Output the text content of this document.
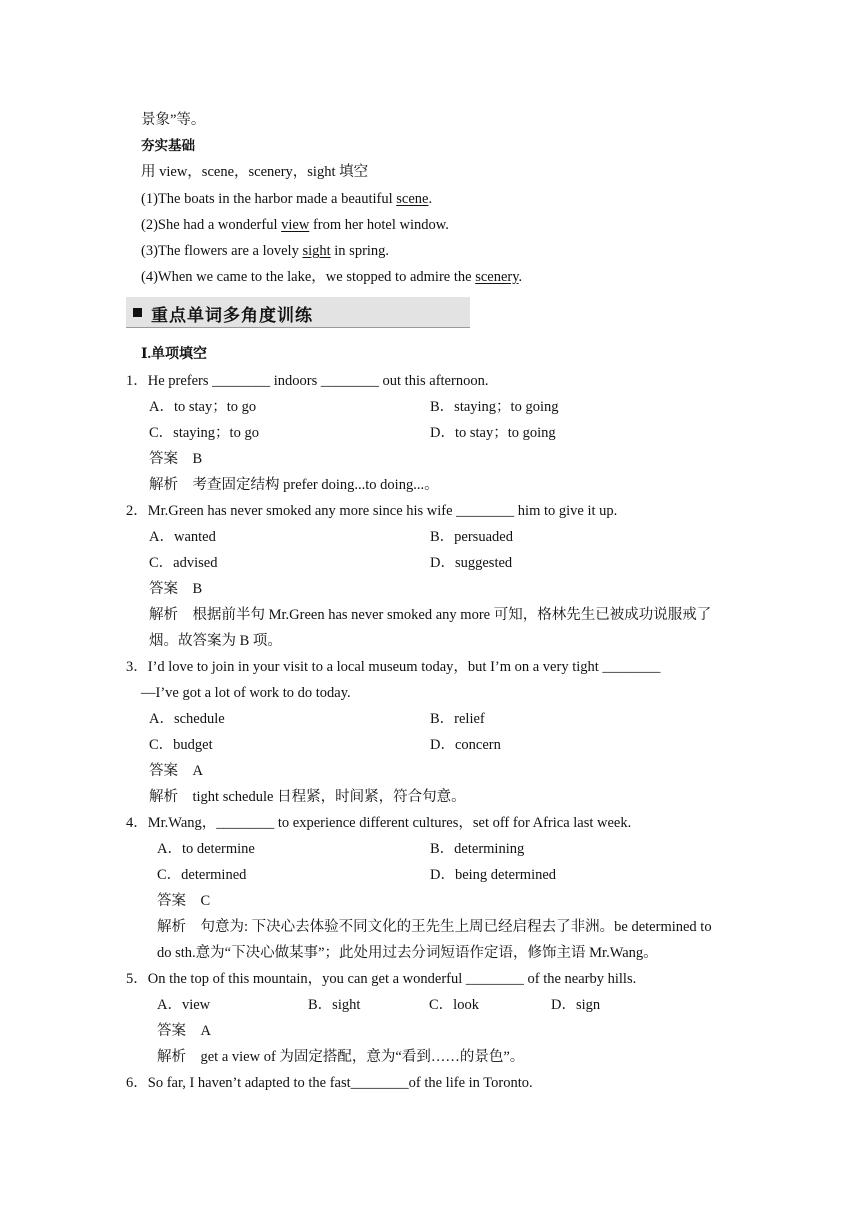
景象”等。
夯实基础
用 view，scene，scenery，sight 填空
(1)The boats in the harbor made a beautiful scene.
(2)She had a wonderful view from her hotel window.
(3)The flowers are a lovely sight in spring.
(4)When we came to the lake，we stopped to admire the scenery.
重点单词多角度训练
Ⅰ.单项填空
1．He prefers ________ indoors ________ out this afternoon.
A．to stay；to go	B．staying；to going
C．staying；to go	D．to stay；to going
答案　B
解析　考查固定结构 prefer doing...to doing...。
2．Mr.Green has never smoked any more since his wife ________ him to give it up.
A．wanted	B．persuaded
C．advised	D．suggested
答案　B
解析　根据前半句 Mr.Green has never smoked any more 可知，格林先生已被成功说服戒了
烟。故答案为 B 项。
3．I’d love to join in your visit to a local museum today，but I’m on a very tight ________
—I’ve got a lot of work to do today.
A．schedule	B．relief
C．budget	D．concern
答案　A
解析　tight schedule 日程紧，时间紧，符合句意。
4．Mr.Wang，________ to experience different cultures，set off for Africa last week.
A．to determine	B．determining
C．determined	D．being determined
答案　C
解析　句意为: 下决心去体验不同文化的王先生上周已经启程去了非洲。be determined to
do sth.意为“下决心做某事”；此处用过去分词短语作定语，修饰主语 Mr.Wang。
5．On the top of this mountain，you can get a wonderful ________ of the nearby hills.
A．view	B．sight	C．look	D．sign
答案　A
解析　get a view of 为固定搭配，意为“看到……的景色”。
6．So far, I haven’t adapted to the fast________of the life in Toronto.
